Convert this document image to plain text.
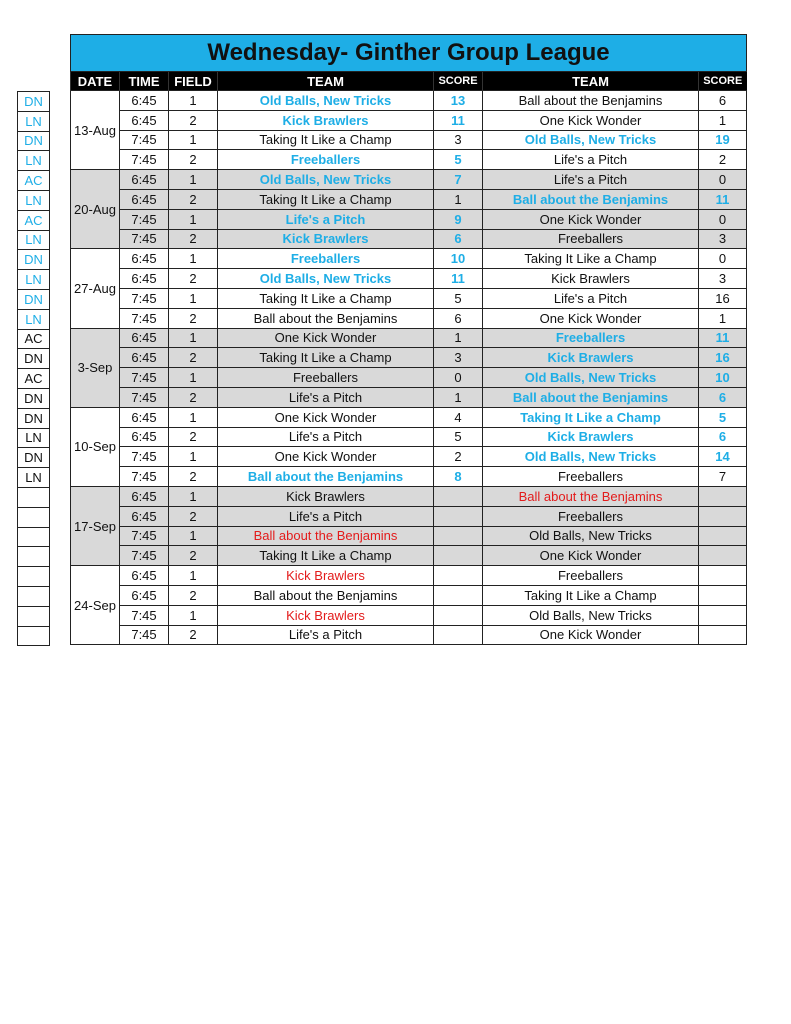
DN
LN
DN
LN
AC
LN
AC
LN
DN
LN
DN
LN
AC
DN
AC
DN
DN
LN
DN
LN

Wednesday- Ginther Group League						
DATE	TIME	FIELD	TEAM	SCORE	TEAM	SCORE
13-Aug	6:45	1	Old Balls, New Tricks	13	Ball about the Benjamins	6
	6:45	2	Kick Brawlers	11	One Kick Wonder	1
	7:45	1	Taking It Like a Champ	3	Old Balls, New Tricks	19
	7:45	2	Freeballers	5	Life's a Pitch	2
20-Aug	6:45	1	Old Balls, New Tricks	7	Life's a Pitch	0
	6:45	2	Taking It Like a Champ	1	Ball about the Benjamins	11
	7:45	1	Life's a Pitch	9	One Kick Wonder	0
	7:45	2	Kick Brawlers	6	Freeballers	3
27-Aug	6:45	1	Freeballers	10	Taking It Like a Champ	0
	6:45	2	Old Balls, New Tricks	11	Kick Brawlers	3
	7:45	1	Taking It Like a Champ	5	Life's a Pitch	16
	7:45	2	Ball about the Benjamins	6	One Kick Wonder	1
3-Sep	6:45	1	One Kick Wonder	1	Freeballers	11
	6:45	2	Taking It Like a Champ	3	Kick Brawlers	16
	7:45	1	Freeballers	0	Old Balls, New Tricks	10
	7:45	2	Life's a Pitch	1	Ball about the Benjamins	6
10-Sep	6:45	1	One Kick Wonder	4	Taking It Like a Champ	5
	6:45	2	Life's a Pitch	5	Kick Brawlers	6
	7:45	1	One Kick Wonder	2	Old Balls, New Tricks	14
	7:45	2	Ball about the Benjamins	8	Freeballers	7
17-Sep	6:45	1	Kick Brawlers		Ball about the Benjamins	
	6:45	2	Life's a Pitch		Freeballers	
	7:45	1	Ball about the Benjamins		Old Balls, New Tricks	
	7:45	2	Taking It Like a Champ		One Kick Wonder	
24-Sep	6:45	1	Kick Brawlers		Freeballers	
	6:45	2	Ball about the Benjamins		Taking It Like a Champ	
	7:45	1	Kick Brawlers		Old Balls, New Tricks	
	7:45	2	Life's a Pitch		One Kick Wonder	
